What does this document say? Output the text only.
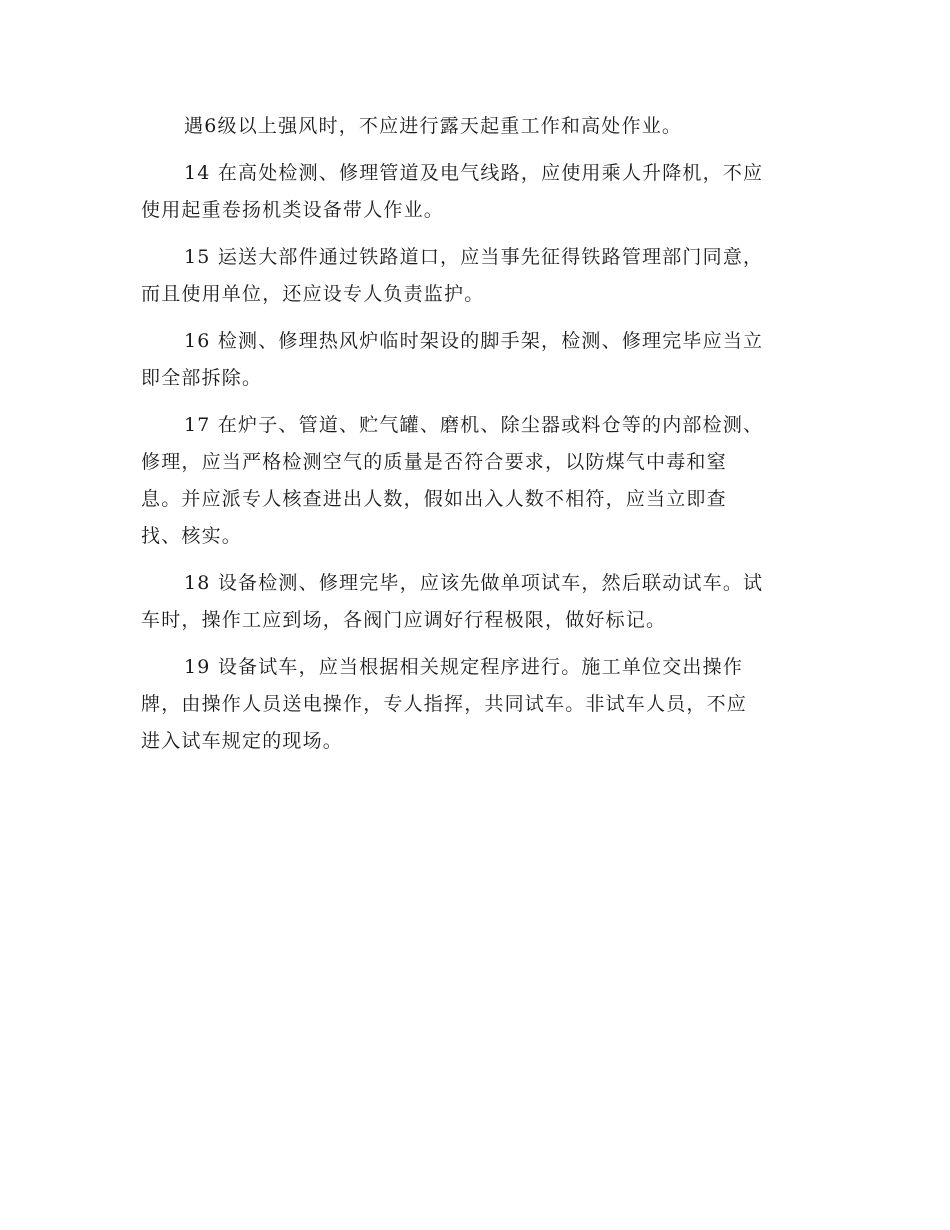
遇6级以上强风时，不应进行露天起重工作和高处作业。

14 在高处检测、修理管道及电气线路，应使用乘人升降机，不应
使用起重卷扬机类设备带人作业。

15 运送大部件通过铁路道口，应当事先征得铁路管理部门同意，
而且使用单位，还应设专人负责监护。

16 检测、修理热风炉临时架设的脚手架，检测、修理完毕应当立
即全部拆除。

17 在炉子、管道、贮气罐、磨机、除尘器或料仓等的内部检测、
修理，应当严格检测空气的质量是否符合要求，以防煤气中毒和窒
息。并应派专人核查进出人数，假如出入人数不相符，应当立即查
找、核实。

18 设备检测、修理完毕，应该先做单项试车，然后联动试车。试
车时，操作工应到场，各阀门应调好行程极限，做好标记。

19 设备试车，应当根据相关规定程序进行。施工单位交出操作
牌，由操作人员送电操作，专人指挥，共同试车。非试车人员，不应
进入试车规定的现场。
